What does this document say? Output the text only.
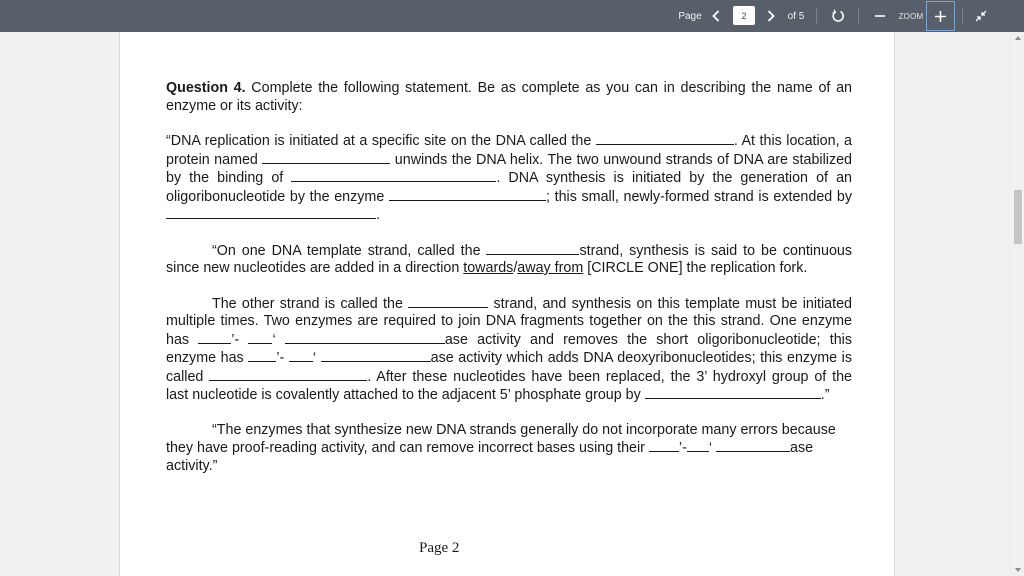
Page	2	of 5	ZOOM

Question 4. Complete the following statement. Be as complete as you can in describing the name of an enzyme or its activity:

“DNA replication is initiated at a specific site on the DNA called the	. At this location, a protein named	unwinds the DNA helix. The two unwound strands of DNA are stabilized by the binding of	. DNA synthesis is initiated by the generation of an oligoribonucleotide by the enzyme	; this small, newly-formed strand is extended by .

“On one DNA template strand, called the	strand, synthesis is said to be continuous since new nucleotides are added in a direction towards/away from [CIRCLE ONE] the replication fork.

The other strand is called the	strand, and synthesis on this template must be initiated multiple times. Two enzymes are required to join DNA fragments together on the this strand. One enzyme has ’- ‘	ase activity and removes the short oligoribonucleotide; this enzyme has ’- ‘	ase activity which adds DNA deoxyribonucleotides; this enzyme is called	. After these nucleotides have been replaced, the 3’ hydroxyl group of the last nucleotide is covalently attached to the adjacent 5’ phosphate group by	.”

“The enzymes that synthesize new DNA strands generally do not incorporate many errors because they have proof-reading activity, and can remove incorrect bases using their ’- ‘	ase activity.”

Page 2
